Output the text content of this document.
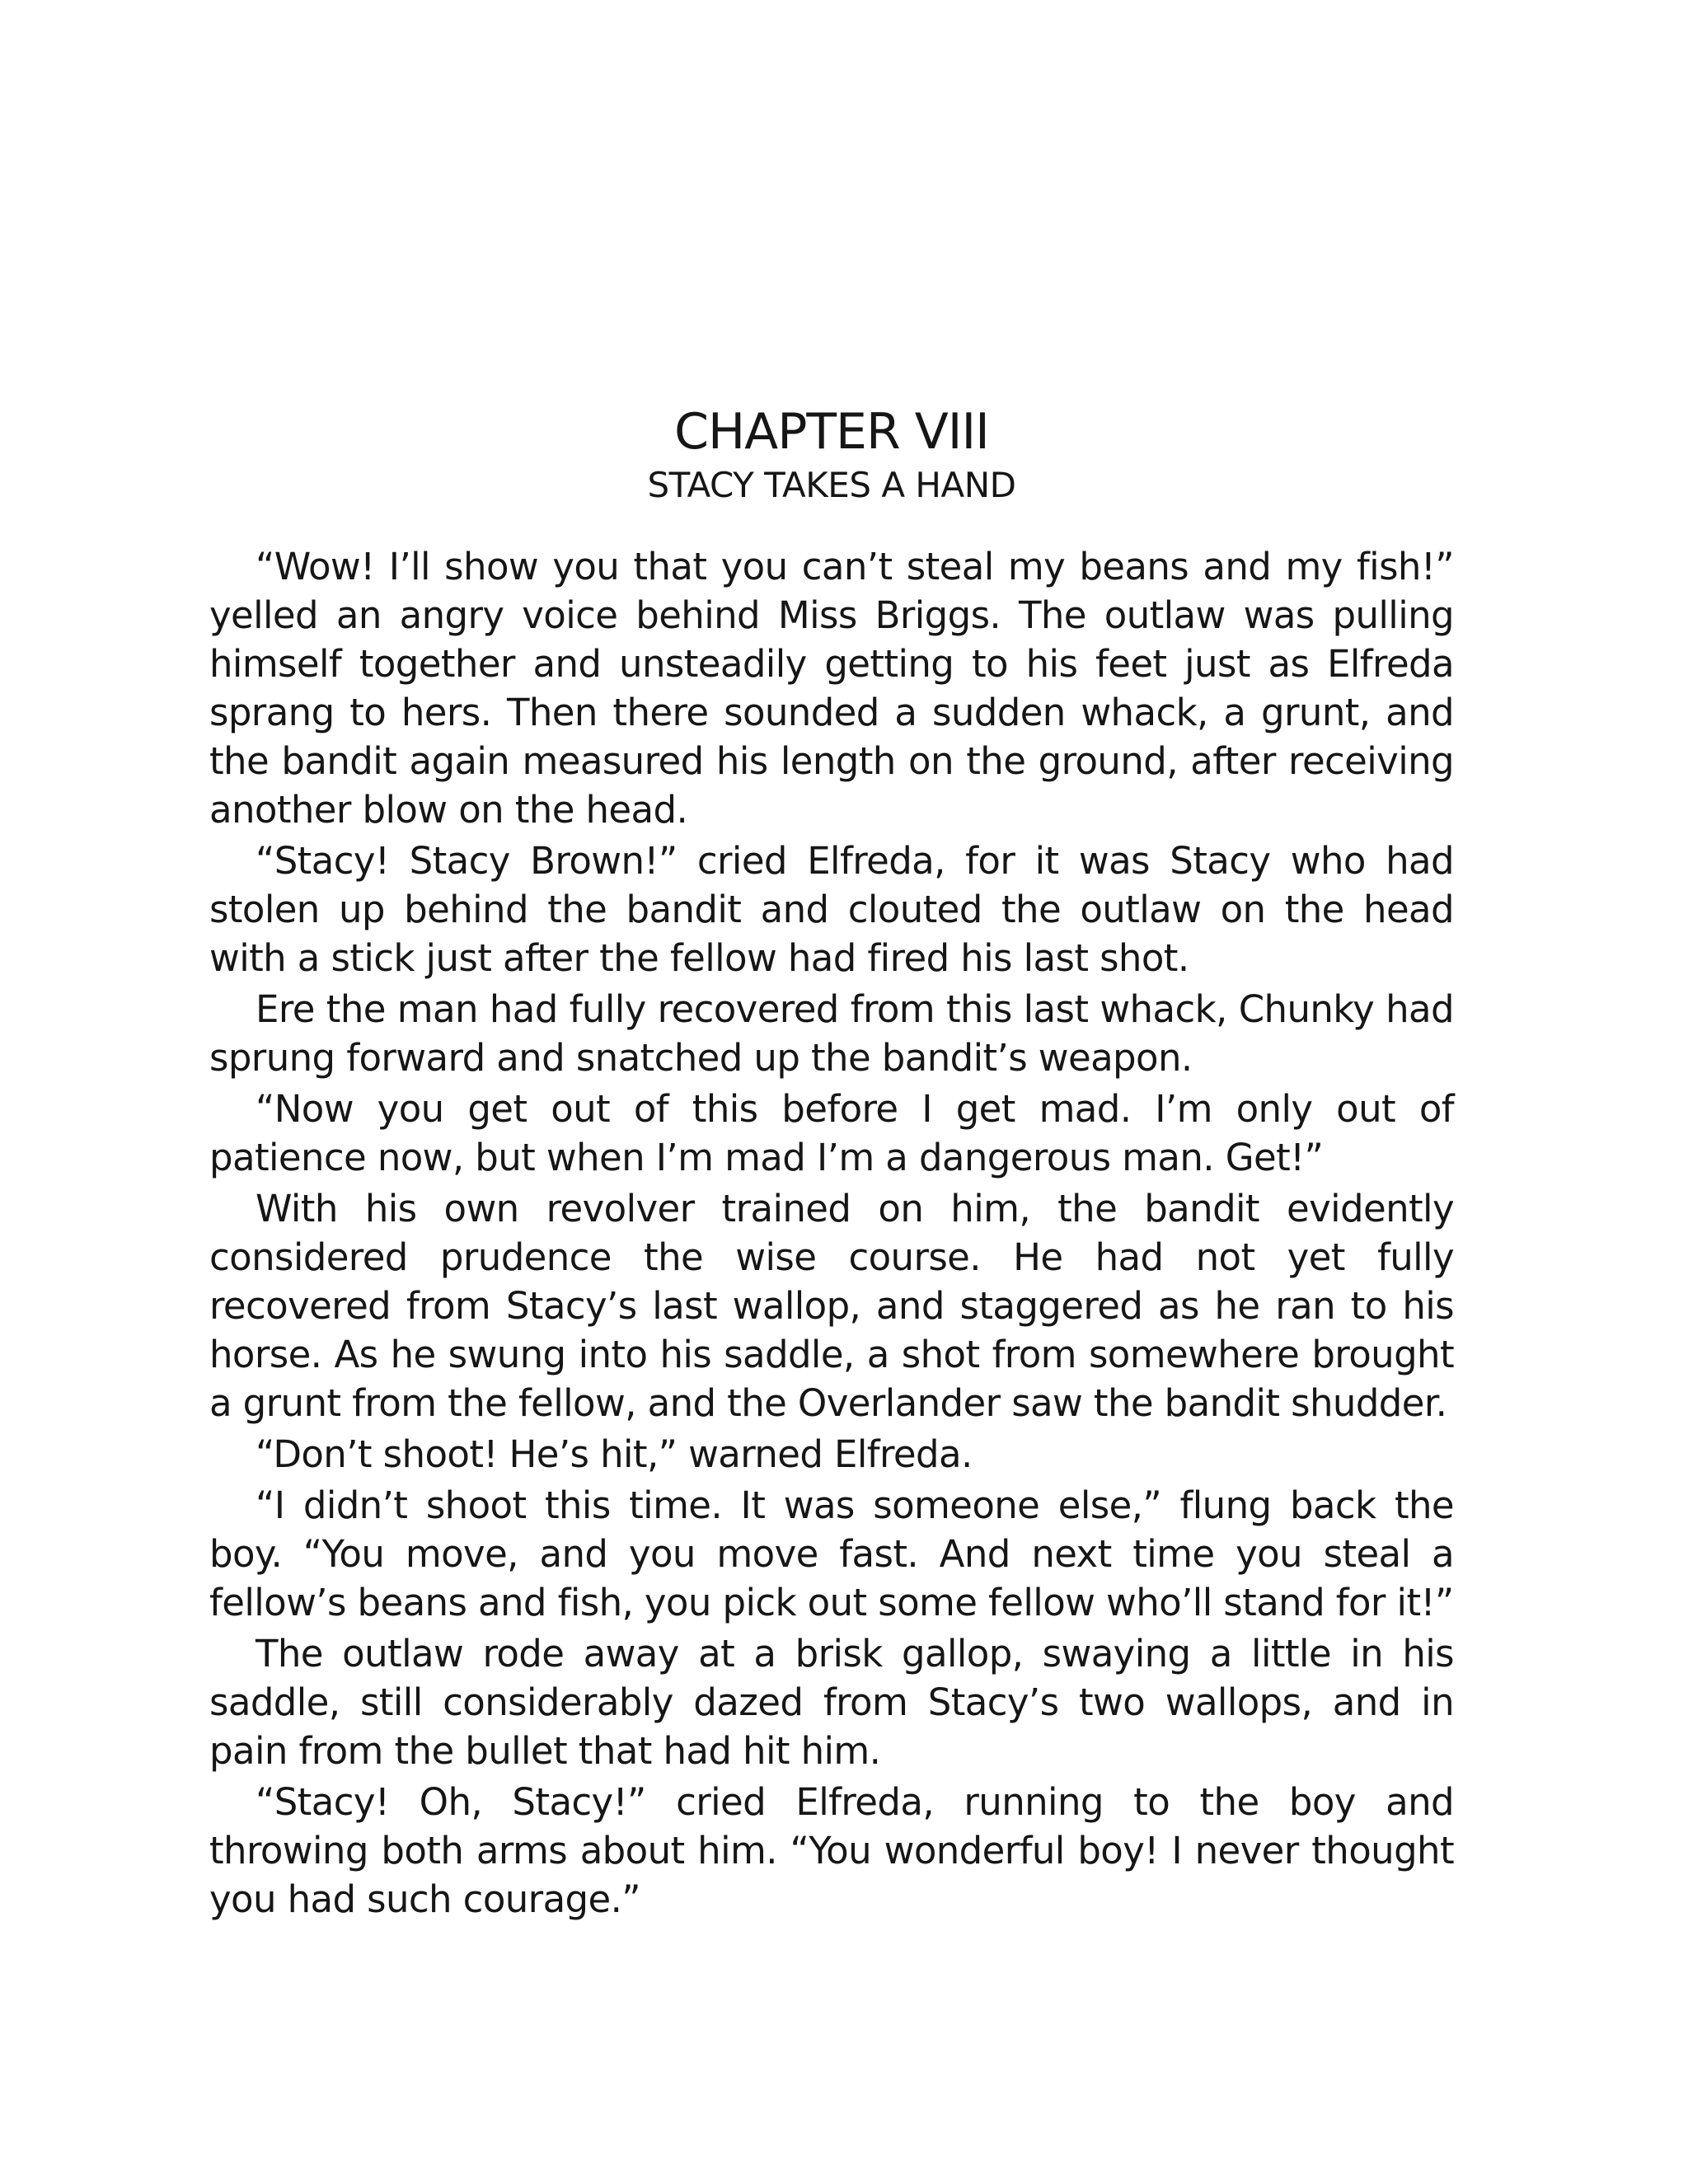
CHAPTER VIII
STACY TAKES A HAND

“Wow! I’ll show you that you can’t steal my beans and my fish!” yelled an angry voice behind Miss Briggs. The outlaw was pulling himself together and unsteadily getting to his feet just as Elfreda sprang to hers. Then there sounded a sudden whack, a grunt, and the bandit again measured his length on the ground, after receiving another blow on the head.

“Stacy! Stacy Brown!” cried Elfreda, for it was Stacy who had stolen up behind the bandit and clouted the outlaw on the head with a stick just after the fellow had fired his last shot.

Ere the man had fully recovered from this last whack, Chunky had sprung forward and snatched up the bandit’s weapon.

“Now you get out of this before I get mad. I’m only out of patience now, but when I’m mad I’m a dangerous man. Get!”

With his own revolver trained on him, the bandit evidently considered prudence the wise course. He had not yet fully recovered from Stacy’s last wallop, and staggered as he ran to his horse. As he swung into his saddle, a shot from somewhere brought a grunt from the fellow, and the Overlander saw the bandit shudder.

“Don’t shoot! He’s hit,” warned Elfreda.

“I didn’t shoot this time. It was someone else,” flung back the boy. “You move, and you move fast. And next time you steal a fellow’s beans and fish, you pick out some fellow who’ll stand for it!”

The outlaw rode away at a brisk gallop, swaying a little in his saddle, still considerably dazed from Stacy’s two wallops, and in pain from the bullet that had hit him.

“Stacy! Oh, Stacy!” cried Elfreda, running to the boy and throwing both arms about him. “You wonderful boy! I never thought you had such courage.”
